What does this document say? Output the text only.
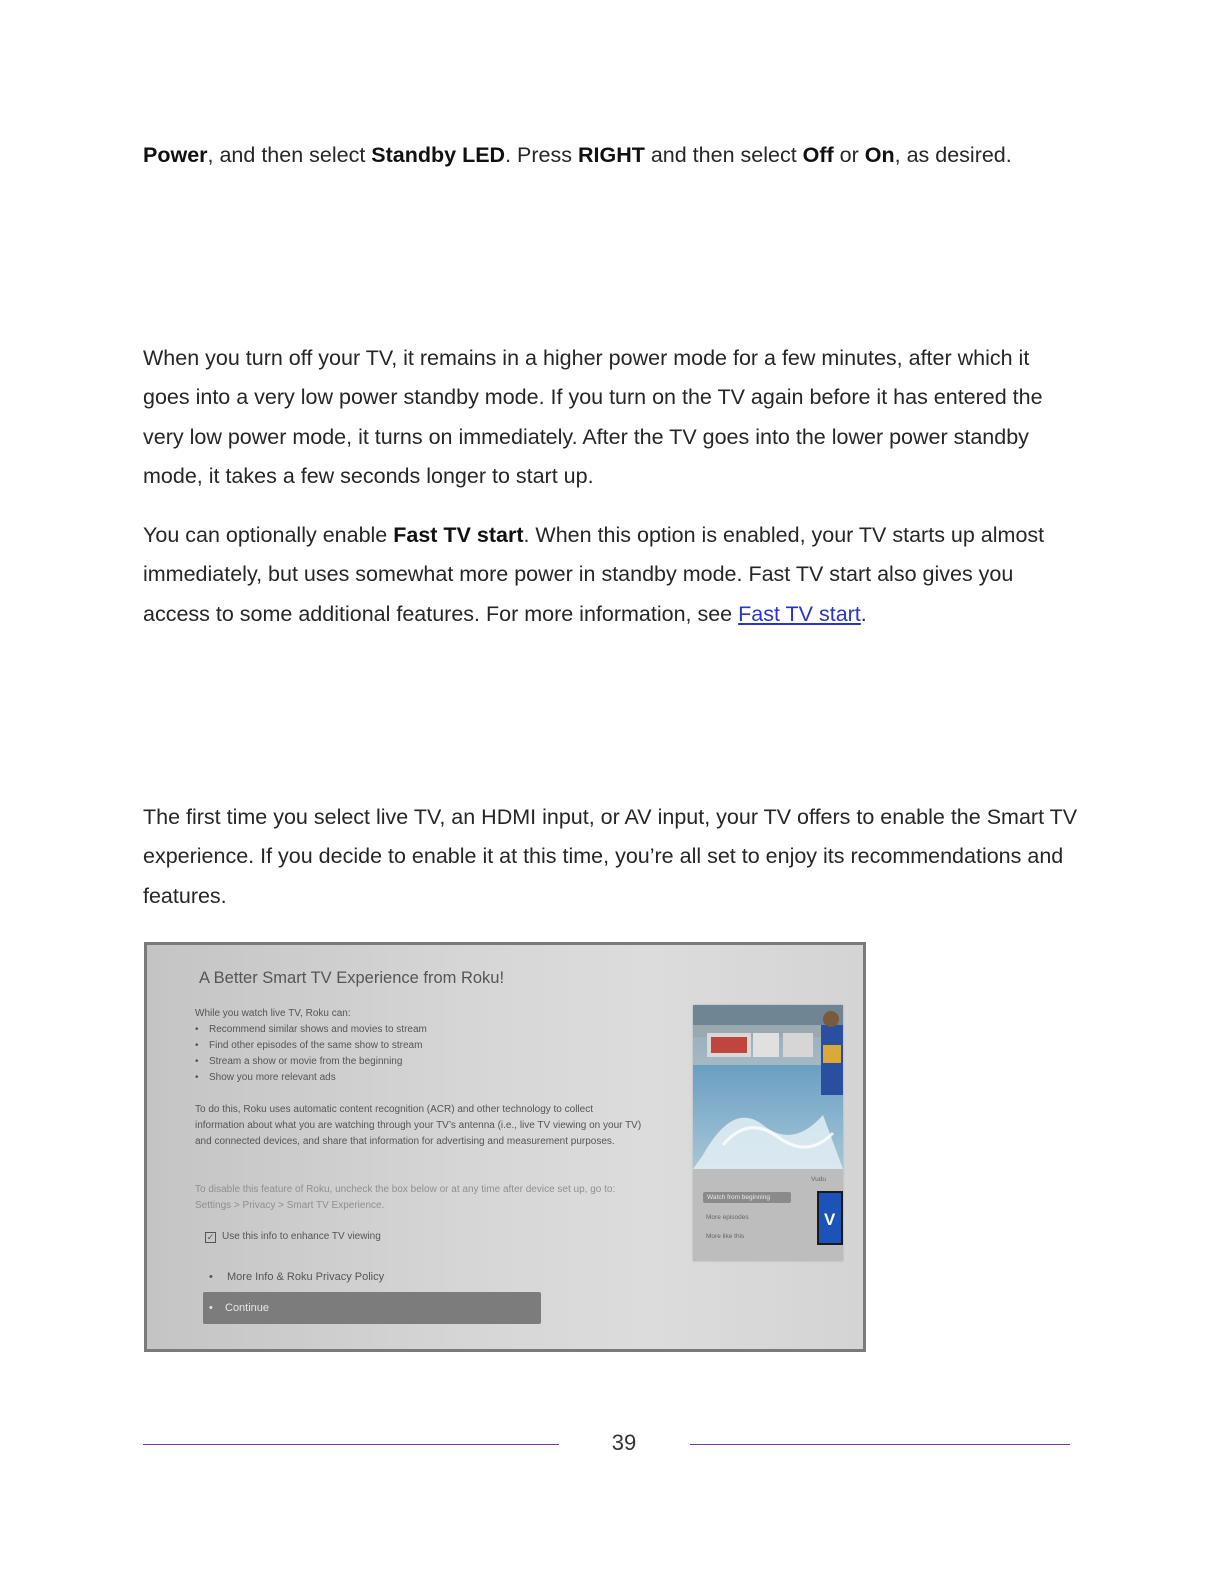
Power, and then select Standby LED. Press RIGHT and then select Off or On, as desired.

When you turn off your TV, it remains in a higher power mode for a few minutes, after which it goes into a very low power standby mode. If you turn on the TV again before it has entered the very low power mode, it turns on immediately. After the TV goes into the lower power standby mode, it takes a few seconds longer to start up.

You can optionally enable Fast TV start. When this option is enabled, your TV starts up almost immediately, but uses somewhat more power in standby mode. Fast TV start also gives you access to some additional features. For more information, see Fast TV start.

The first time you select live TV, an HDMI input, or AV input, your TV offers to enable the Smart TV experience. If you decide to enable it at this time, you’re all set to enjoy its recommendations and features.

A Better Smart TV Experience from Roku!
While you watch live TV, Roku can:
• Recommend similar shows and movies to stream
• Find other episodes of the same show to stream
• Stream a show or movie from the beginning
• Show you more relevant ads
To do this, Roku uses automatic content recognition (ACR) and other technology to collect information about what you are watching through your TV’s antenna (i.e., live TV viewing on your TV) and connected devices, and share that information for advertising and measurement purposes.
To disable this feature of Roku, uncheck the box below or at any time after device set up, go to: Settings > Privacy > Smart TV Experience.
✓ Use this info to enhance TV viewing
• More Info & Roku Privacy Policy
• Continue
Vudu
Watch from beginning
More episodes
More like this
V
39
